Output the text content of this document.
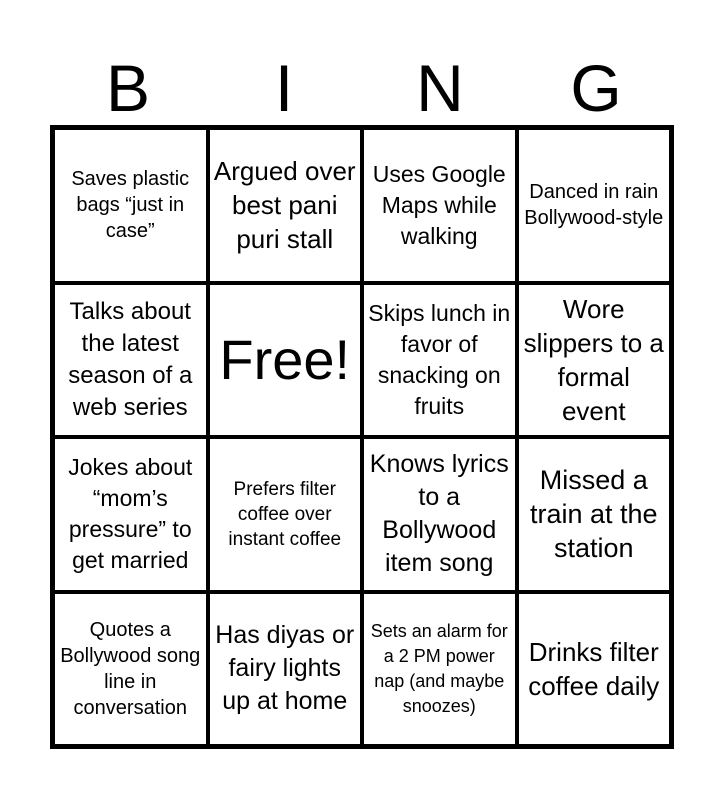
B	I	N	G
Saves plastic bags “just in case”
Argued over best pani puri stall
Uses Google Maps while walking
Danced in rain Bollywood-style
Talks about the latest season of a web series
Free!
Skips lunch in favor of snacking on fruits
Wore slippers to a formal event
Jokes about “mom’s pressure” to get married
Prefers filter coffee over instant coffee
Knows lyrics to a Bollywood item song
Missed a train at the station
Quotes a Bollywood song line in conversation
Has diyas or fairy lights up at home
Sets an alarm for a 2 PM power nap (and maybe snoozes)
Drinks filter coffee daily
